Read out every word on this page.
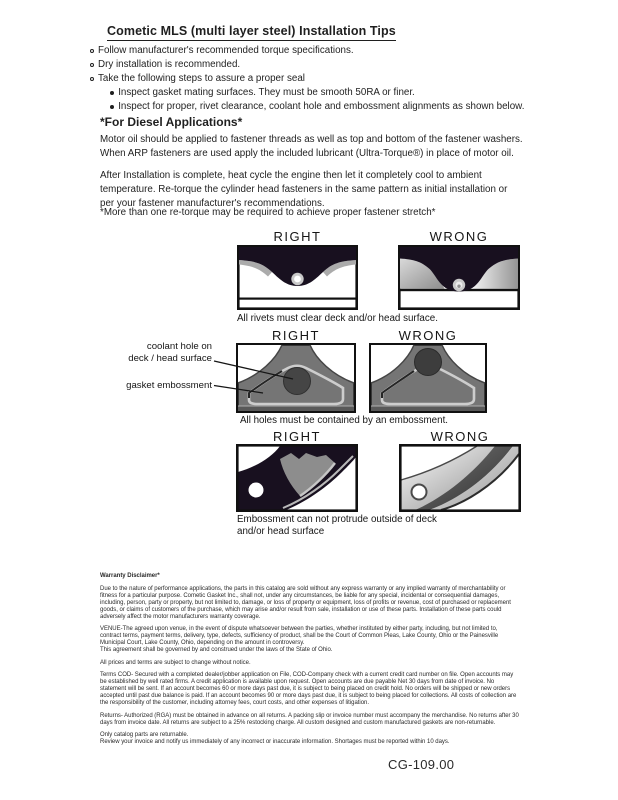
Cometic MLS (multi layer steel) Installation Tips
Follow manufacturer's recommended torque specifications.
Dry installation is recommended.
Take the following steps to assure a proper seal
Inspect gasket mating surfaces. They must be smooth 50RA or finer.
Inspect for proper, rivet clearance, coolant hole and embossment alignments as shown below.
*For Diesel Applications*
Motor oil should be applied to fastener threads as well as top and bottom of the fastener washers. When ARP fasteners are used apply the included lubricant (Ultra-Torque®) in place of motor oil.
After Installation is complete, heat cycle the engine then let it completely cool to ambient temperature. Re-torque the cylinder head fasteners in the same pattern as initial installation or per your fastener manufacturer's recommendations.
*More than one re-torque may be required to achieve proper fastener stretch*
RIGHT	WRONG
All rivets must clear deck and/or head surface.
RIGHT	WRONG
coolant hole on
deck / head surface
gasket embossment
All holes must be contained by an embossment.
RIGHT	WRONG
Embossment can not protrude outside of deck
and/or head surface

Warranty Disclaimer*

Due to the nature of performance applications, the parts in this catalog are sold without any express warranty or any implied warranty of merchantability or fitness for a particular purpose. Cometic Gasket Inc., shall not, under any circumstances, be liable for any special, incidental or consequential damages, including, person, party or property, but not limited to, damage, or loss of property or equipment, loss of profits or revenue, cost of purchased or replacement goods, or claims of customers of the purchase, which may arise and/or result from sale, installation or use of these parts. Installation of these parts could adversely affect the motor manufacturers warranty coverage.

VENUE-The agreed upon venue, in the event of dispute whatsoever between the parties, whether instituted by either party, including, but not limited to, contract terms, payment terms, delivery, type, defects, sufficiency of product, shall be the Court of Common Pleas, Lake County, Ohio or the Painesville Municipal Court, Lake County, Ohio, depending on the amount in controversy.

This agreement shall be governed by and construed under the laws of the State of Ohio.

All prices and terms are subject to change without notice.

Terms COD- Secured with a completed dealer/jobber application on File, COD-Company check with a current credit card number on file. Open accounts may be established by well rated firms. A credit application is available upon request. Open accounts are due payable Net 30 days from date of invoice. No statement will be sent. If an account becomes 60 or more days past due, it is subject to being placed on credit hold. No orders will be shipped or new orders accepted until past due balance is paid. If an account becomes 90 or more days past due, it is subject to being placed for collections. All costs of collection are the responsibility of the customer, including attorney fees, court costs, and other expenses of litigation.

Returns- Authorized (RGA) must be obtained in advance on all returns. A packing slip or invoice number must accompany the merchandise. No returns after 30 days from invoice date. All returns are subject to a 25% restocking charge. All custom designed and custom manufactured gaskets are non-returnable.

Only catalog parts are returnable.

Review your invoice and notify us immediately of any incorrect or inaccurate information. Shortages must be reported within 10 days.

CG-109.00
